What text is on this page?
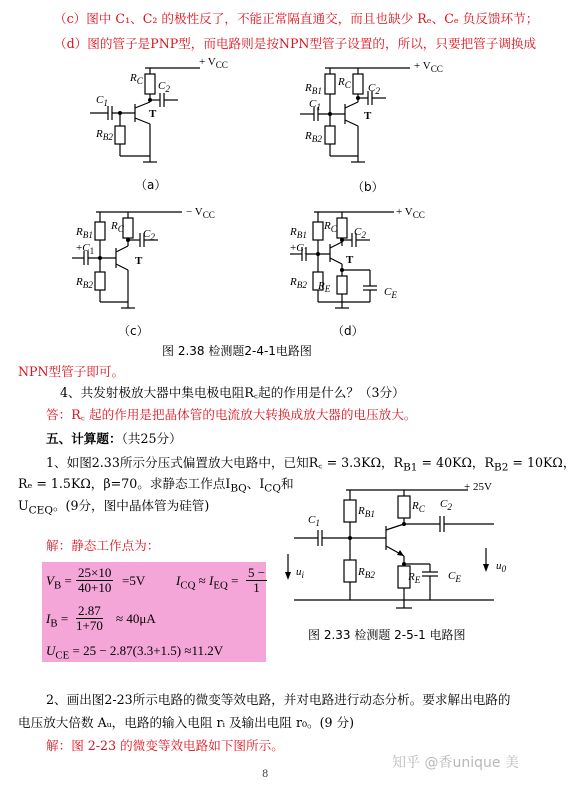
（c）图中 C₁、C₂ 的极性反了，不能正常隔直通交，而且也缺少 Rₑ、Cₑ 负反馈环节；
（d）图的管子是PNP型，而电路则是按NPN型管子设置的，所以，只要把管子调换成
+ $V_{CC}$
$R_C$ $C_2$
$C_1$
T
$R_{B2}$
（a）
+ $V_{CC}$
$R_{B1}$
$R_C$ $C_2$
$C_1$
T
$R_{B2}$
（b）
− $V_{CC}$
$R_{B1}$
$R_C$ $C_2$
$+C_1$
T
$R_{B2}$
（c）
+ $V_{CC}$
$R_{B1}$
$R_C$ $C_2$
$+C_1$
T
$R_{B2}$ $R_E$	$C_E$
（d）
图 2.38 检测题2-4-1电路图
NPN型管子即可。
4、共发射极放大器中集电极电阻R꜀起的作用是什么？（3分）
答：R꜀ 起的作用是把晶体管的电流放大转换成放大器的电压放大。
五、计算题：（共25分）
1、如图2.33所示分压式偏置放大电路中，已知R꜀ = 3.3KΩ，$R_{B1} = 40K\Omega$，$R_{B2} = 10K\Omega$，
Rₑ = 1.5KΩ，β=70。求静态工作点$I_{BQ}$、$I_{CQ}$和
$U_{CEQ}$。(9分，图中晶体管为硅管)
解：静态工作点为：
$V_B = \frac{25\times 10}{40+10} =5V$ $I_{CQ} \approx I_{EQ} = \frac{5 -}{1}$
$I_B = \frac{2.87}{1+70} \approx 40\mu A$
$U_{CE} = 25 - 2.87(3.3+1.5) \approx 11.2V$
+ 25V
$R_{B1}$
$R_C$ $C_2$
$C_1$
$R_{B2}$	$R_E$	$C_E$
$u_i$
$u_0$
图 2.33 检测题 2-5-1 电路图
2、画出图2-23所示电路的微变等效电路，并对电路进行动态分析。要求解出电路的
电压放大倍数 Aᵤ，电路的输入电阻 rᵢ 及输出电阻 r₀。(9 分)
解：图 2-23 的微变等效电路如下图所示。
知乎 @香unique 美
8
